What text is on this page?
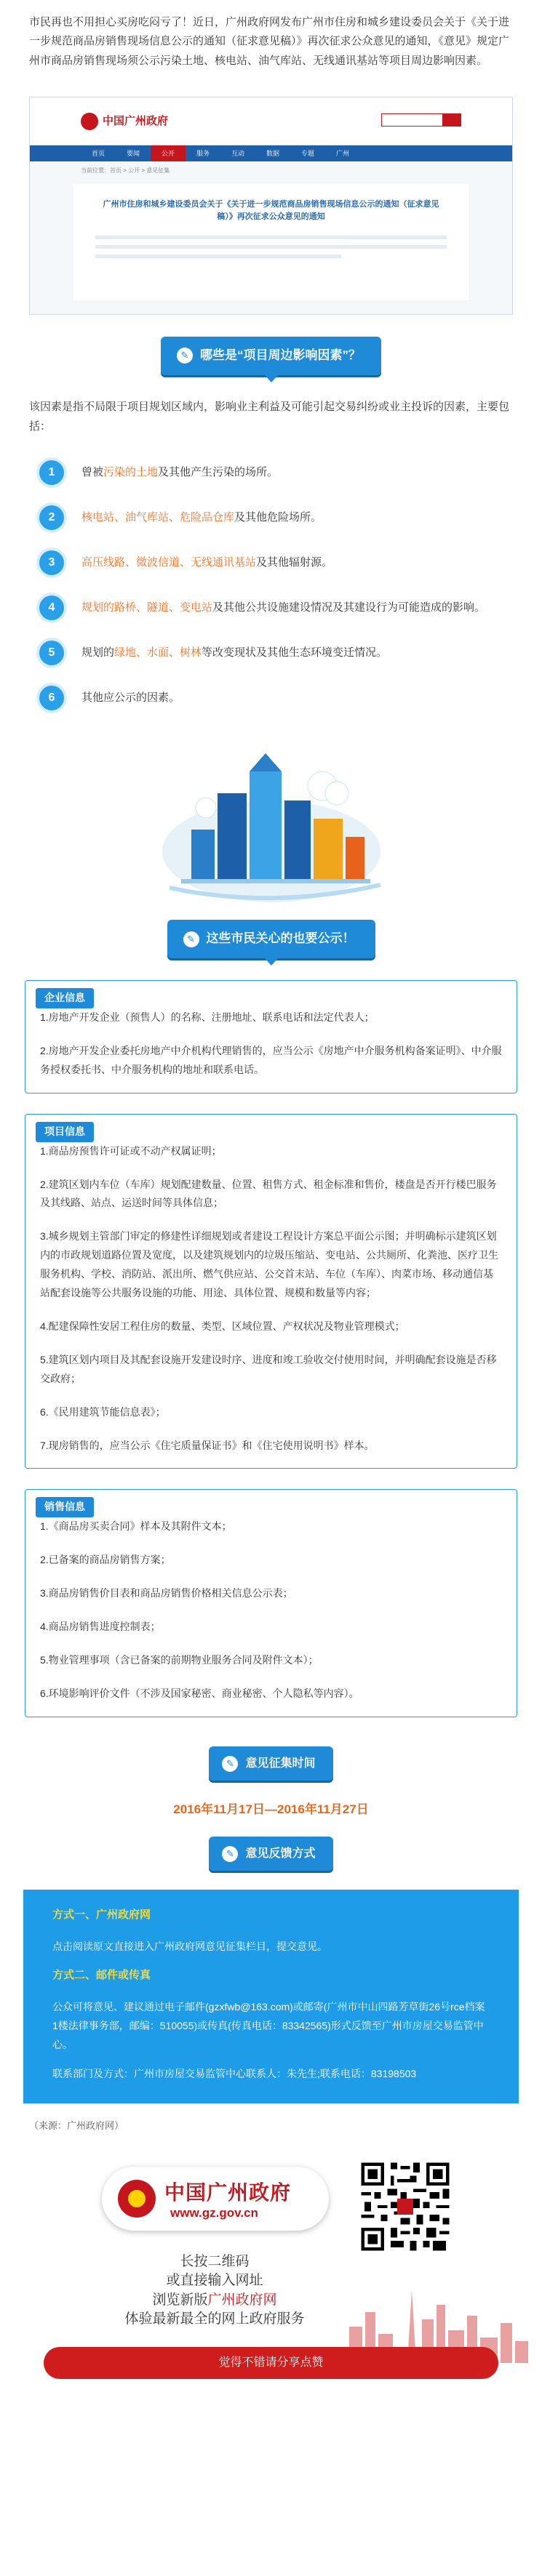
市民再也不用担心买房吃闷亏了！近日，广州政府网发布广州市住房和城乡建设委员会关于《关于进一步规范商品房销售现场信息公示的通知（征求意见稿）》再次征求公众意见的通知，《意见》规定广州市商品房销售现场须公示污染土地、核电站、油气库站、无线通讯基站等项目周边影响因素。
中国广州政府
首页	要闻	公开	服务	互动	数据	专题	广州
当前位置：首页 > 公开 > 意见征集
广州市住房和城乡建设委员会关于《关于进一步规范商品房销售现场信息公示的通知（征求意见稿）》再次征求公众意见的通知
✎ 哪些是“项目周边影响因素”？
该因素是指不局限于项目规划区域内，影响业主利益及可能引起交易纠纷或业主投诉的因素，主要包括：
1	曾被污染的土地及其他产生污染的场所。
2	核电站、油气库站、危险品仓库及其他危险场所。
3	高压线路、微波信道、无线通讯基站及其他辐射源。
4	规划的路桥、隧道、变电站及其他公共设施建设情况及其建设行为可能造成的影响。
5	规划的绿地、水面、树林等改变现状及其他生态环境变迁情况。
6	其他应公示的因素。
✎ 这些市民关心的也要公示！
企业信息

1.房地产开发企业（预售人）的名称、注册地址、联系电话和法定代表人；

2.房地产开发企业委托房地产中介机构代理销售的，应当公示《房地产中介服务机构备案证明》、中介服务授权委托书、中介服务机构的地址和联系电话。

项目信息

1.商品房预售许可证或不动产权属证明；

2.建筑区划内车位（车库）规划配建数量、位置、租售方式、租金标准和售价，楼盘是否开行楼巴服务及其线路、站点、运送时间等具体信息；

3.城乡规划主管部门审定的修建性详细规划或者建设工程设计方案总平面公示图；并明确标示建筑区划内的市政规划道路位置及宽度，以及建筑规划内的垃圾压缩站、变电站、公共厕所、化粪池、医疗卫生服务机构、学校、消防站、派出所、燃气供应站、公交首末站、车位（车库）、肉菜市场、移动通信基站配套设施等公共服务设施的功能、用途、具体位置、规模和数量等内容；

4.配建保障性安居工程住房的数量、类型、区域位置、产权状况及物业管理模式；

5.建筑区划内项目及其配套设施开发建设时序、进度和竣工验收交付使用时间，并明确配套设施是否移交政府；

6.《民用建筑节能信息表》；

7.现房销售的，应当公示《住宅质量保证书》和《住宅使用说明书》样本。

销售信息

1.《商品房买卖合同》样本及其附件文本；

2.已备案的商品房销售方案；

3.商品房销售价目表和商品房销售价格相关信息公示表；

4.商品房销售进度控制表；

5.物业管理事项（含已备案的前期物业服务合同及附件文本）；

6.环境影响评价文件（不涉及国家秘密、商业秘密、个人隐私等内容）。

✎ 意见征集时间
2016年11月17日—2016年11月27日
✎ 意见反馈方式
方式一、广州政府网

点击阅读原文直接进入广州政府网意见征集栏目，提交意见。

方式二、邮件或传真

公众可将意见、建议通过电子邮件(gzxfwb@163.com)或邮寄(广州市中山四路芳草街26号rce档案1楼法律事务部，邮编：510055)或传真(传真电话：83342565)形式反馈至广州市房屋交易监管中心。

联系部门及方式：广州市房屋交易监管中心联系人：朱先生;联系电话：83198503

（来源：广州政府网）
中国广州政府
www.gz.gov.cn
长按二维码
或直接输入网址
浏览新版广州政府网
体验最新最全的网上政府服务
觉得不错请分享点赞
